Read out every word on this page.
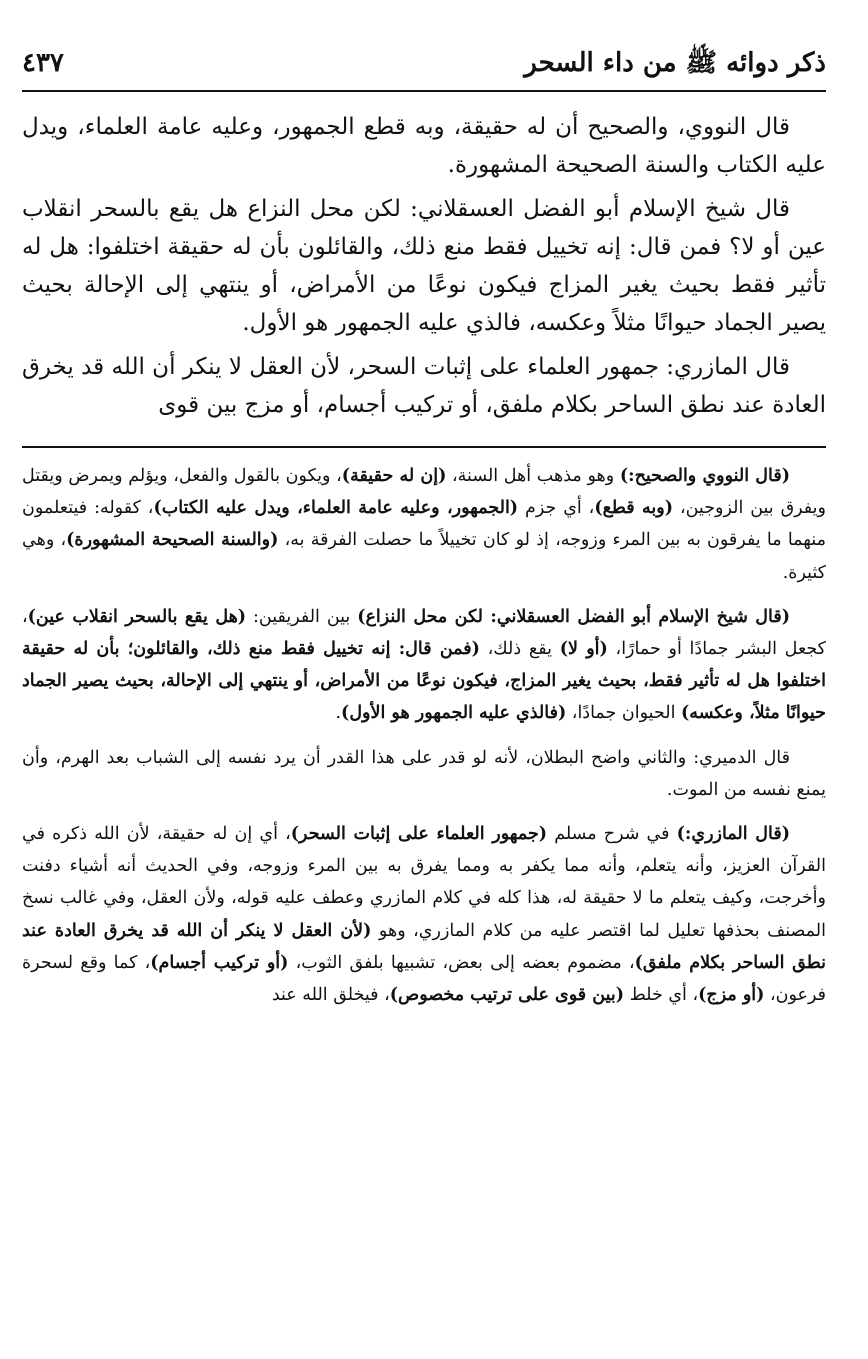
ذكر دوائه ﷺ من داء السحر
٤٣٧

قال النووي، والصحيح أن له حقيقة، وبه قطع الجمهور، وعليه عامة العلماء، ويدل عليه الكتاب والسنة الصحيحة المشهورة.

قال شيخ الإسلام أبو الفضل العسقلاني: لكن محل النزاع هل يقع بالسحر انقلاب عين أو لا؟ فمن قال: إنه تخييل فقط منع ذلك، والقائلون بأن له حقيقة اختلفوا: هل له تأثير فقط بحيث يغير المزاج فيكون نوعًا من الأمراض، أو ينتهي إلى الإحالة بحيث يصير الجماد حيوانًا مثلاً وعكسه، فالذي عليه الجمهور هو الأول.

قال المازري: جمهور العلماء على إثبات السحر، لأن العقل لا ينكر أن الله قد يخرق العادة عند نطق الساحر بكلام ملفق، أو تركيب أجسام، أو مزج بين قوى

(قال النووي والصحيح:) وهو مذهب أهل السنة، (إن له حقيقة)، ويكون بالقول والفعل، ويؤلم ويمرض ويقتل ويفرق بين الزوجين، (وبه قطع)، أي جزم (الجمهور، وعليه عامة العلماء، ويدل عليه الكتاب)، كقوله: فيتعلمون منهما ما يفرقون به بين المرء وزوجه، إذ لو كان تخييلاً ما حصلت الفرقة به، (والسنة الصحيحة المشهورة)، وهي كثيرة.

(قال شيخ الإسلام أبو الفضل العسقلاني: لكن محل النزاع) بين الفريقين: (هل يقع بالسحر انقلاب عين)، كجعل البشر جمادًا أو حمارًا، (أو لا) يقع ذلك، (فمن قال: إنه تخييل فقط منع ذلك، والقائلون؛ بأن له حقيقة اختلفوا هل له تأثير فقط، بحيث يغير المزاج، فيكون نوعًا من الأمراض، أو ينتهي إلى الإحالة، بحيث يصير الجماد حيوانًا مثلاً، وعكسه) الحيوان جمادًا، (فالذي عليه الجمهور هو الأول).

قال الدميري: والثاني واضح البطلان، لأنه لو قدر على هذا القدر أن يرد نفسه إلى الشباب بعد الهرم، وأن يمنع نفسه من الموت.

(قال المازري:) في شرح مسلم (جمهور العلماء على إثبات السحر)، أي إن له حقيقة، لأن الله ذكره في القرآن العزيز، وأنه يتعلم، وأنه مما يكفر به ومما يفرق به بين المرء وزوجه، وفي الحديث أنه أشياء دفنت وأخرجت، وكيف يتعلم ما لا حقيقة له، هذا كله في كلام المازري وعطف عليه قوله، ولأن العقل، وفي غالب نسخ المصنف بحذفها تعليل لما اقتصر عليه من كلام المازري، وهو (لأن العقل لا ينكر أن الله قد يخرق العادة عند نطق الساحر بكلام ملفق)، مضموم بعضه إلى بعض، تشبيها بلفق الثوب، (أو تركيب أجسام)، كما وقع لسحرة فرعون، (أو مزج)، أي خلط (بين قوى على ترتيب مخصوص)، فيخلق الله عند
